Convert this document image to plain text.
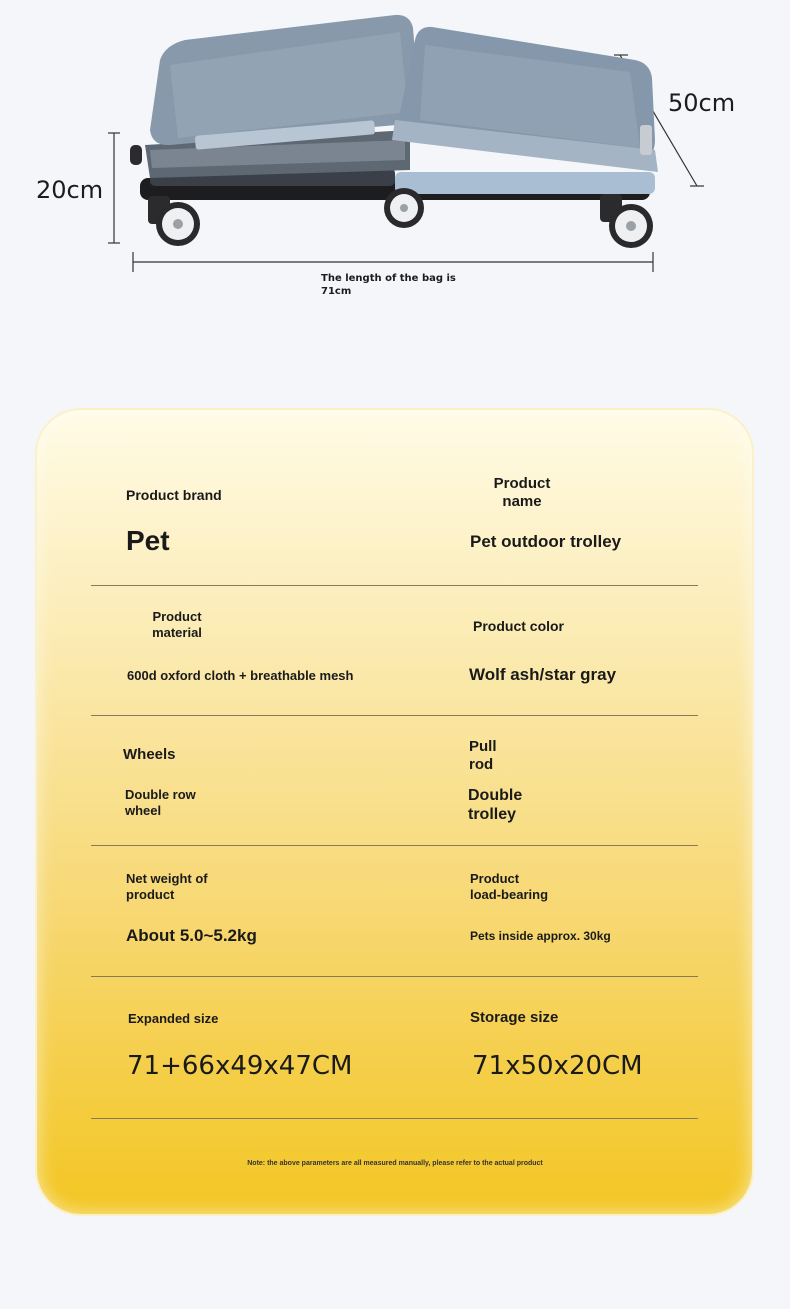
20cm
50cm
The length of the bag is
71cm
Product brand
Pet
Product
name
Pet outdoor trolley
Product
material
600d oxford cloth + breathable mesh
Product color
Wolf ash/star gray
Wheels
Double row
wheel
Pull
rod
Double
trolley
Net weight of
product
About 5.0~5.2kg
Product
load-bearing
Pets inside approx. 30kg
Expanded size
71+66x49x47CM
Storage size
71x50x20CM
Note: the above parameters are all measured manually, please refer to the actual product
